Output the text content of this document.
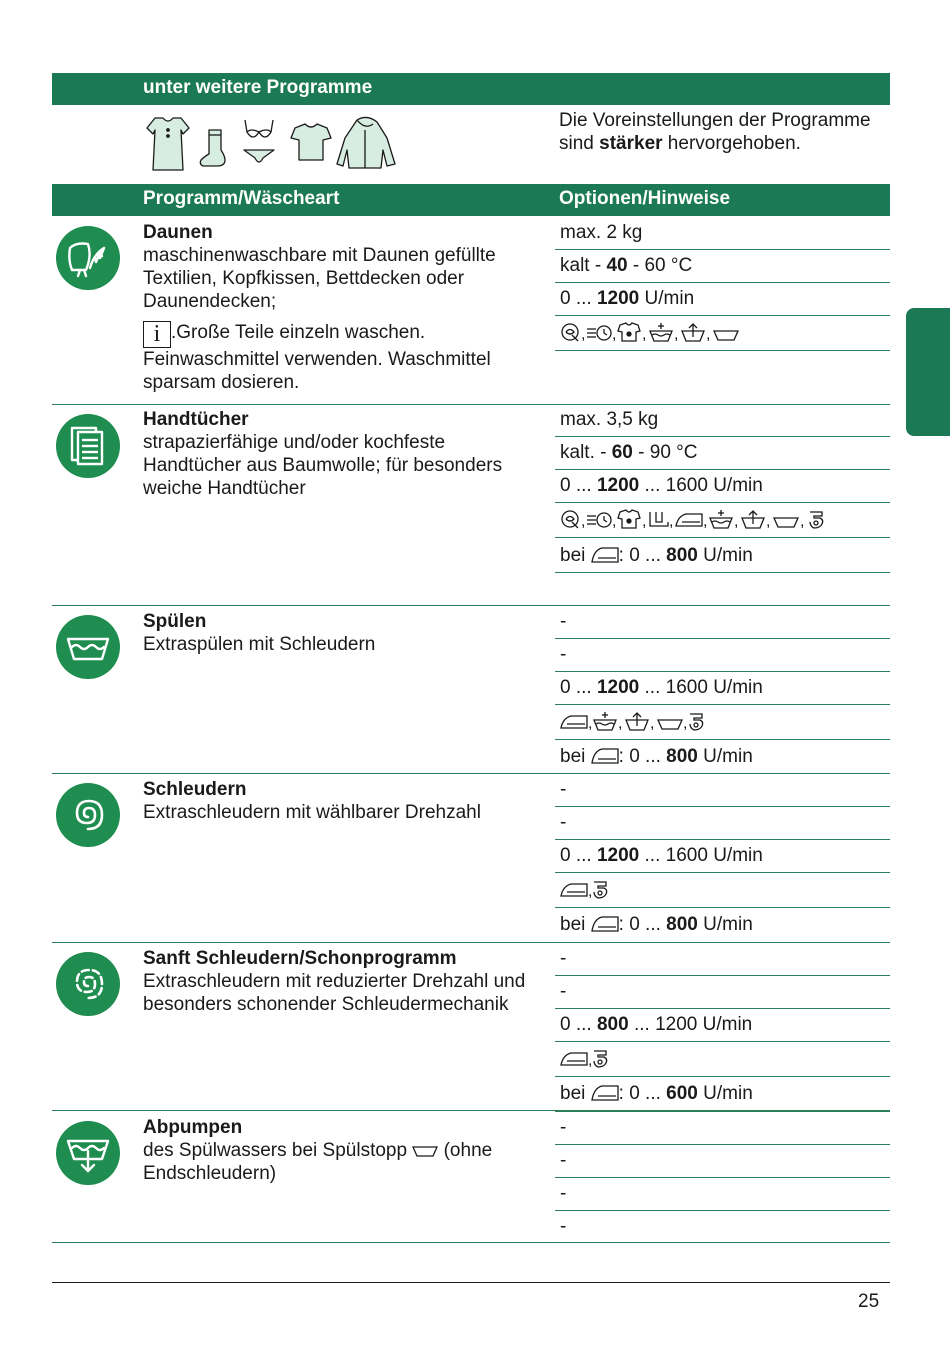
unter weitere Programme
Die Voreinstellungen der Programme sind stärker hervorgehoben.
Programm/Wäscheart	Optionen/Hinweise
Daunen
maschinenwaschbare mit Daunen gefüllte Textilien, Kopfkissen, Bettdecken oder Daunendecken;
i .Große Teile einzeln waschen. Feinwaschmittel verwenden. Waschmittel sparsam dosieren.
max. 2 kg
kalt - 40 - 60 °C
0 ... 1200 U/min
, , , , ,
Handtücher
strapazierfähige und/oder kochfeste Handtücher aus Baumwolle; für besonders weiche Handtücher
max. 3,5 kg
kalt. - 60 - 90 °C
0 ... 1200 ... 1600 U/min
, , , , , , , ,
bei : 0 ... 800 U/min
Spülen
Extraspülen mit Schleudern
-
-
0 ... 1200 ... 1600 U/min
, , , ,
bei : 0 ... 800 U/min
Schleudern
Extraschleudern mit wählbarer Drehzahl
-
-
0 ... 1200 ... 1600 U/min
,
bei : 0 ... 800 U/min
Sanft Schleudern/Schonprogramm
Extraschleudern mit reduzierter Drehzahl und besonders schonender Schleudermechanik
-
-
0 ... 800 ... 1200 U/min
,
bei : 0 ... 600 U/min
Abpumpen
des Spülwassers bei Spülstopp  (ohne Endschleudern)
-
-
-
-
25
